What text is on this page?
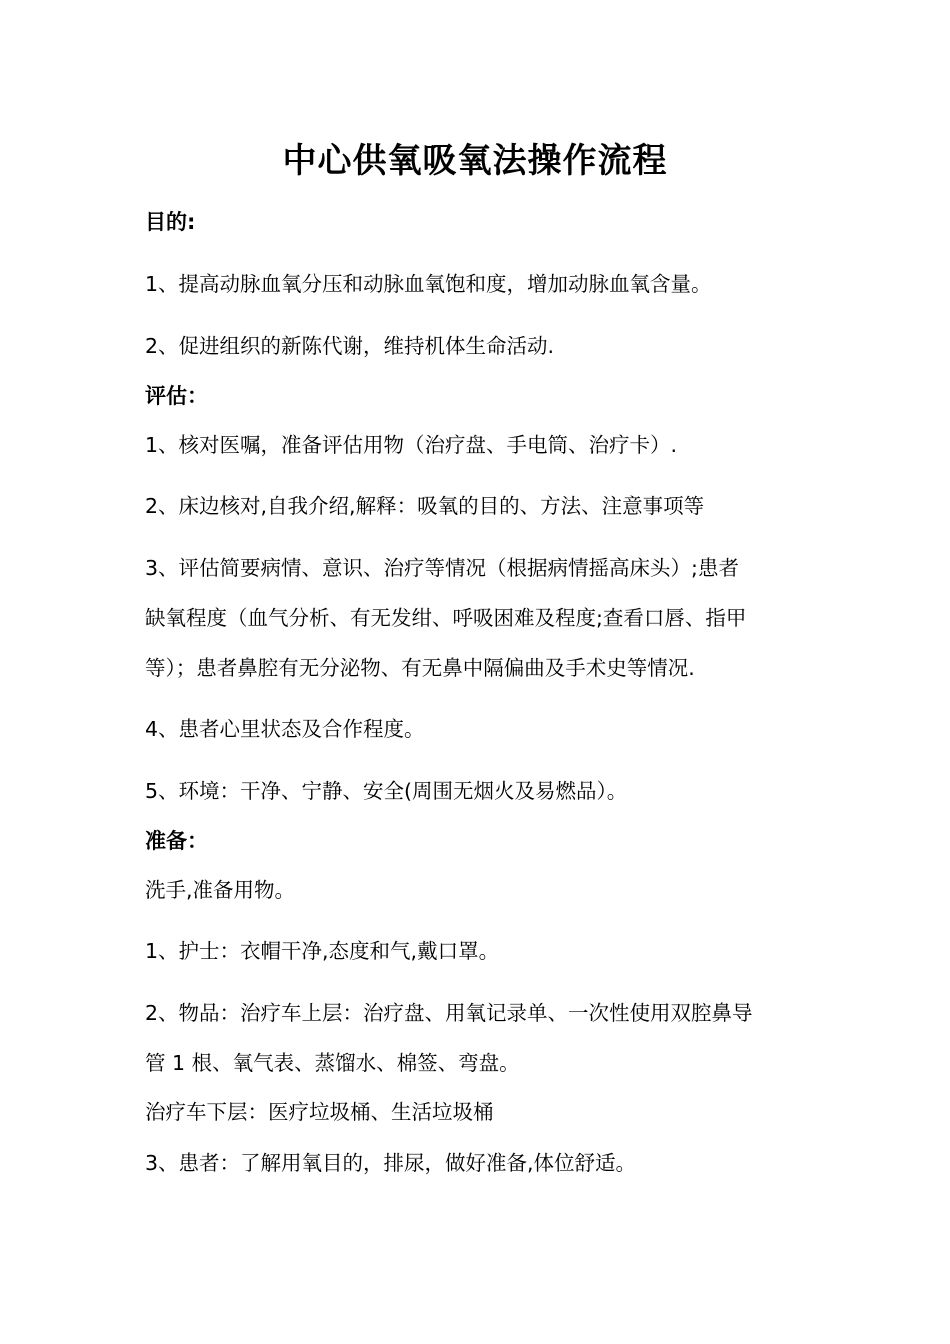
中心供氧吸氧法操作流程
目的:
1、提高动脉血氧分压和动脉血氧饱和度，增加动脉血氧含量。
2、促进组织的新陈代谢，维持机体生命活动.
评估：
1、核对医嘱，准备评估用物（治疗盘、手电筒、治疗卡）.
2、床边核对,自我介绍,解释：吸氧的目的、方法、注意事项等
3、评估简要病情、意识、治疗等情况（根据病情摇高床头）;患者
缺氧程度（血气分析、有无发绀、呼吸困难及程度;查看口唇、指甲
等）；患者鼻腔有无分泌物、有无鼻中隔偏曲及手术史等情况.
4、患者心里状态及合作程度。
5、环境：干净、宁静、安全(周围无烟火及易燃品）。
准备：
洗手,准备用物。
1、护士：衣帽干净,态度和气,戴口罩。
2、物品：治疗车上层：治疗盘、用氧记录单、一次性使用双腔鼻导
管 1 根、氧气表、蒸馏水、棉签、弯盘。
治疗车下层：医疗垃圾桶、生活垃圾桶
3、患者：了解用氧目的，排尿，做好准备,体位舒适。
